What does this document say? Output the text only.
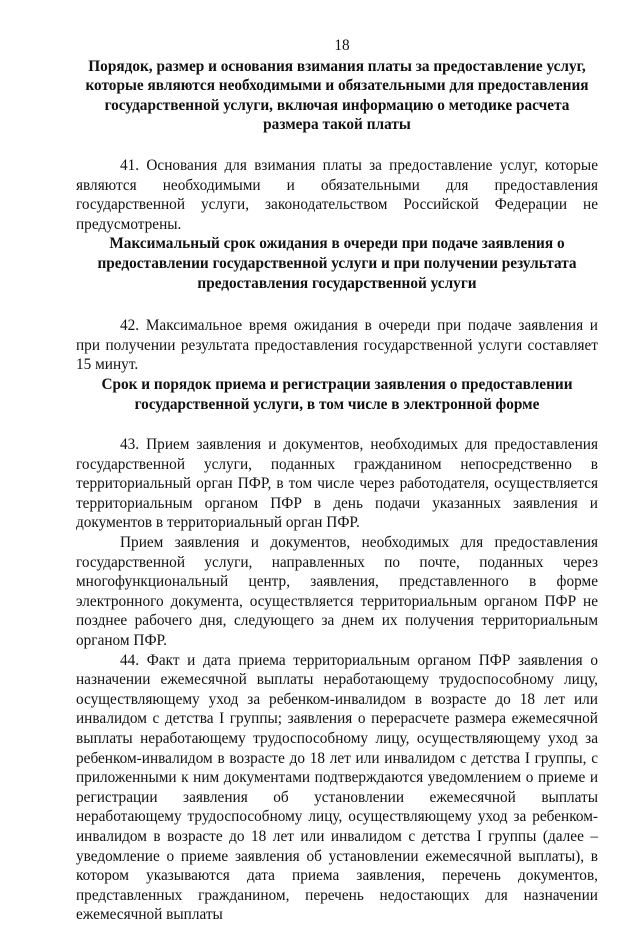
18
Порядок, размер и основания взимания платы за предоставление услуг, которые являются необходимыми и обязательными для предоставления государственной услуги, включая информацию о методике расчета размера такой платы

41. Основания для взимания платы за предоставление услуг, которые являются необходимыми и обязательными для предоставления государственной услуги, законодательством Российской Федерации не предусмотрены.

Максимальный срок ожидания в очереди при подаче заявления о предоставлении государственной услуги и при получении результата предоставления государственной услуги

42. Максимальное время ожидания в очереди при подаче заявления и при получении результата предоставления государственной услуги составляет 15 минут.

Срок и порядок приема и регистрации заявления о предоставлении государственной услуги, в том числе в электронной форме

43. Прием заявления и документов, необходимых для предоставления государственной услуги, поданных гражданином непосредственно в территориальный орган ПФР, в том числе через работодателя, осуществляется территориальным органом ПФР в день подачи указанных заявления и документов в территориальный орган ПФР.

Прием заявления и документов, необходимых для предоставления государственной услуги, направленных по почте, поданных через многофункциональный центр, заявления, представленного в форме электронного документа, осуществляется территориальным органом ПФР не позднее рабочего дня, следующего за днем их получения территориальным органом ПФР.

44. Факт и дата приема территориальным органом ПФР заявления о назначении ежемесячной выплаты неработающему трудоспособному лицу, осуществляющему уход за ребенком-инвалидом в возрасте до 18 лет или инвалидом с детства I группы; заявления о перерасчете размера ежемесячной выплаты неработающему трудоспособному лицу, осуществляющему уход за ребенком-инвалидом в возрасте до 18 лет или инвалидом с детства I группы, с приложенными к ним документами подтверждаются уведомлением о приеме и регистрации заявления об установлении ежемесячной выплаты неработающему трудоспособному лицу, осуществляющему уход за ребенком-инвалидом в возрасте до 18 лет или инвалидом с детства I группы (далее – уведомление о приеме заявления об установлении ежемесячной выплаты), в котором указываются дата приема заявления, перечень документов, представленных гражданином, перечень недостающих для назначении ежемесячной выплаты
